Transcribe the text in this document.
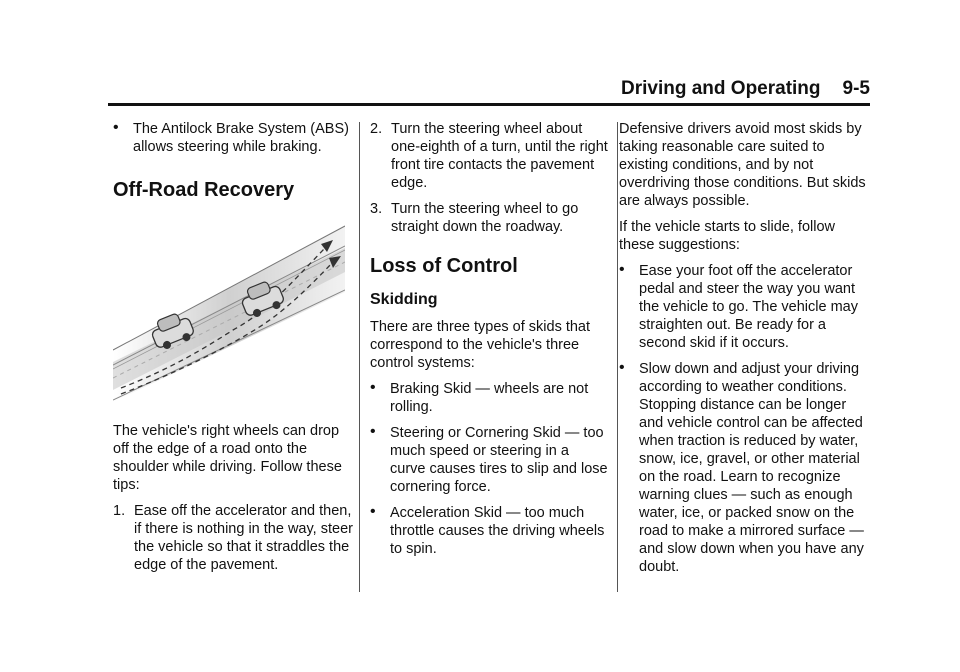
Driving and Operating 9-5
• The Antilock Brake System (ABS) allows steering while braking.
Off-Road Recovery

The vehicle's right wheels can drop off the edge of a road onto the shoulder while driving. Follow these tips:

1. Ease off the accelerator and then, if there is nothing in the way, steer the vehicle so that it straddles the edge of the pavement.
2. Turn the steering wheel about one-eighth of a turn, until the right front tire contacts the pavement edge.
3. Turn the steering wheel to go straight down the roadway.
Loss of Control
Skidding

There are three types of skids that correspond to the vehicle's three control systems:

• Braking Skid — wheels are not rolling.
• Steering or Cornering Skid — too much speed or steering in a curve causes tires to slip and lose cornering force.
• Acceleration Skid — too much throttle causes the driving wheels to spin.

Defensive drivers avoid most skids by taking reasonable care suited to existing conditions, and by not overdriving those conditions. But skids are always possible.

If the vehicle starts to slide, follow these suggestions:

• Ease your foot off the accelerator pedal and steer the way you want the vehicle to go. The vehicle may straighten out. Be ready for a second skid if it occurs.
• Slow down and adjust your driving according to weather conditions. Stopping distance can be longer and vehicle control can be affected when traction is reduced by water, snow, ice, gravel, or other material on the road. Learn to recognize warning clues — such as enough water, ice, or packed snow on the road to make a mirrored surface — and slow down when you have any doubt.
